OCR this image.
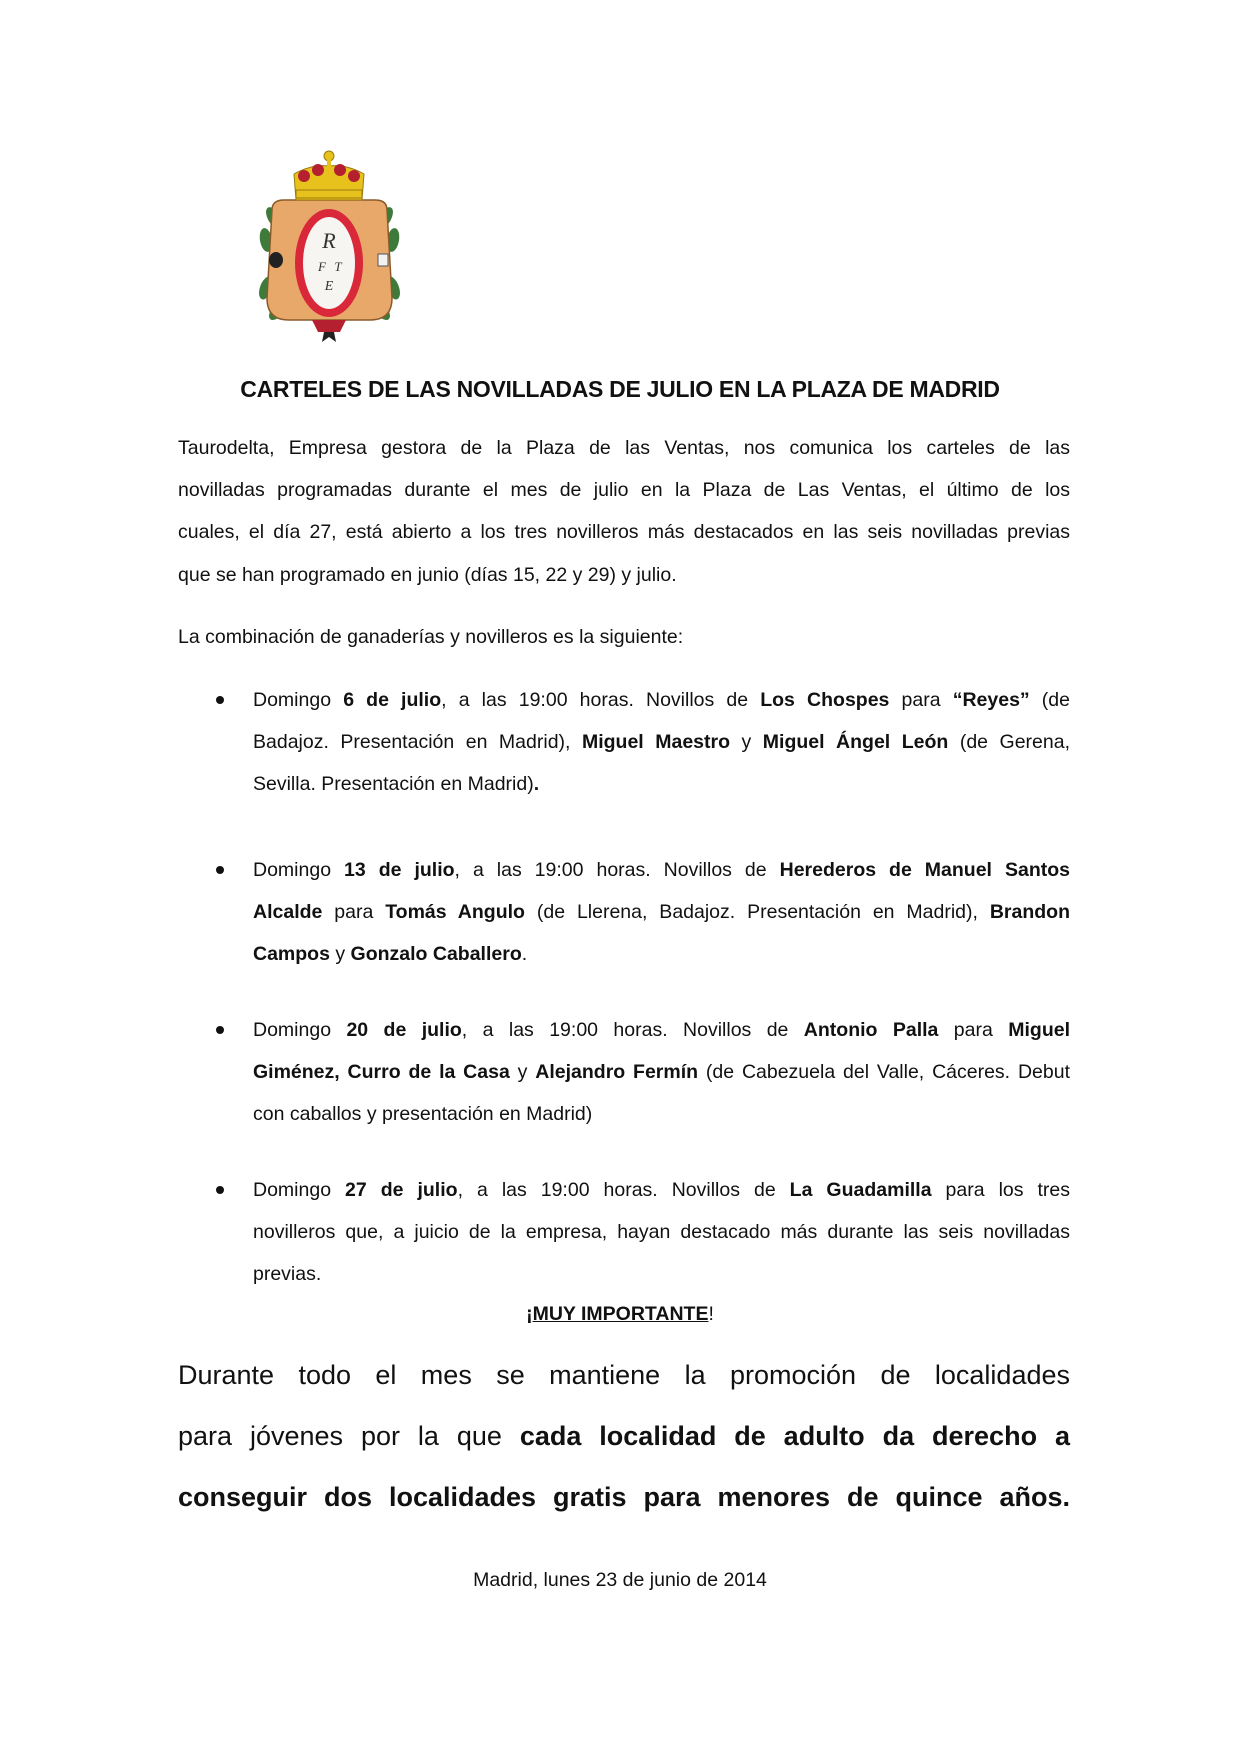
R
F T
E
CARTELES DE LAS NOVILLADAS DE JULIO EN LA PLAZA DE MADRID
Taurodelta, Empresa gestora de la Plaza de las Ventas, nos comunica los carteles de las
novilladas programadas durante el mes de julio en la Plaza de Las Ventas, el último de los
cuales, el día 27, está abierto a los tres novilleros más destacados en las seis novilladas previas
que se han programado en junio (días 15, 22 y 29) y julio.
La combinación de ganaderías y novilleros es la siguiente:
Domingo 6 de julio, a las 19:00 horas. Novillos de Los Chospes para “Reyes” (de
Badajoz. Presentación en Madrid), Miguel Maestro y Miguel Ángel León (de Gerena,
Sevilla. Presentación en Madrid).
Domingo 13 de julio, a las 19:00 horas. Novillos de Herederos de Manuel Santos
Alcalde para Tomás Angulo (de Llerena, Badajoz. Presentación en Madrid), Brandon
Campos y Gonzalo Caballero.
Domingo 20 de julio, a las 19:00 horas. Novillos de Antonio Palla para Miguel
Giménez, Curro de la Casa y Alejandro Fermín (de Cabezuela del Valle, Cáceres. Debut
con caballos y presentación en Madrid)
Domingo 27 de julio, a las 19:00 horas. Novillos de La Guadamilla para los tres
novilleros que, a juicio de la empresa, hayan destacado más durante las seis novilladas
previas.
¡MUY IMPORTANTE!
Durante todo el mes se mantiene la promoción de localidades
para jóvenes por la que cada localidad de adulto da derecho a
conseguir dos localidades gratis para menores de quince años.
Madrid, lunes 23 de junio de 2014
